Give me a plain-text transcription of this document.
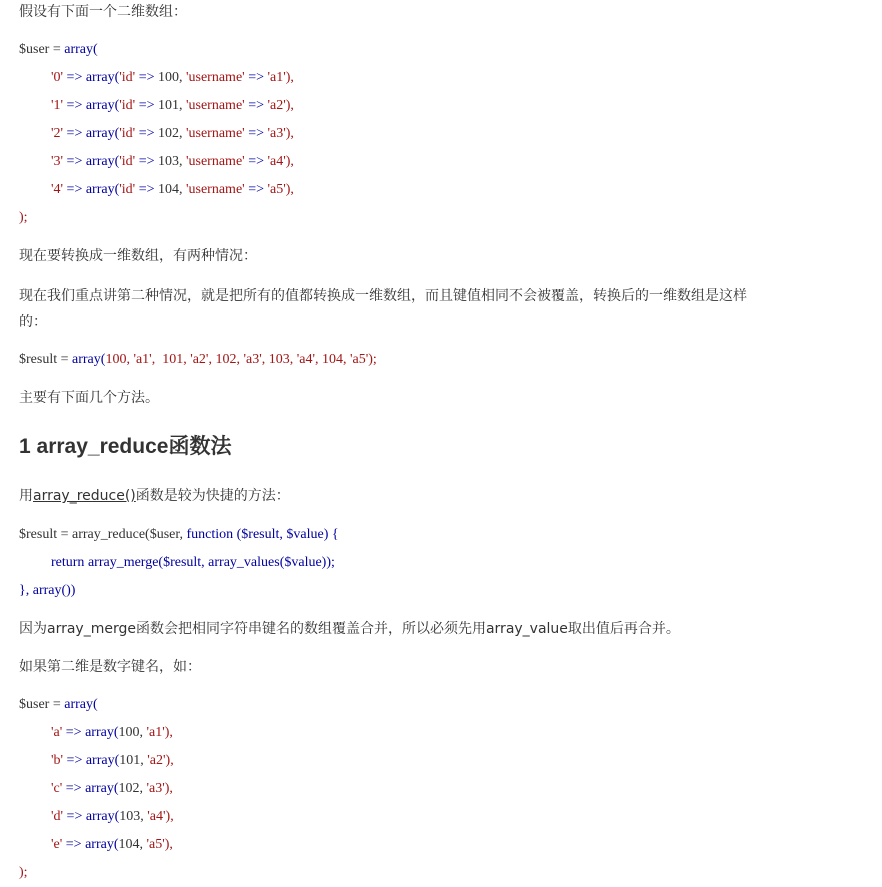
假设有下面一个二维数组：
$user = array(
'0' => array('id' => 100, 'username' => 'a1'),
'1' => array('id' => 101, 'username' => 'a2'),
'2' => array('id' => 102, 'username' => 'a3'),
'3' => array('id' => 103, 'username' => 'a4'),
'4' => array('id' => 104, 'username' => 'a5'),
);
现在要转换成一维数组，有两种情况：
现在我们重点讲第二种情况，就是把所有的值都转换成一维数组，而且键值相同不会被覆盖，转换后的一维数组是这样
的：
$result = array(100, 'a1',  101, 'a2', 102, 'a3', 103, 'a4', 104, 'a5');
主要有下面几个方法。
1 array_reduce函数法
用array_reduce()函数是较为快捷的方法：
$result = array_reduce($user, function ($result, $value) {
return array_merge($result, array_values($value));
}, array())
因为array_merge函数会把相同字符串键名的数组覆盖合并，所以必须先用array_value取出值后再合并。
如果第二维是数字键名，如：
$user = array(
'a' => array(100, 'a1'),
'b' => array(101, 'a2'),
'c' => array(102, 'a3'),
'd' => array(103, 'a4'),
'e' => array(104, 'a5'),
);
